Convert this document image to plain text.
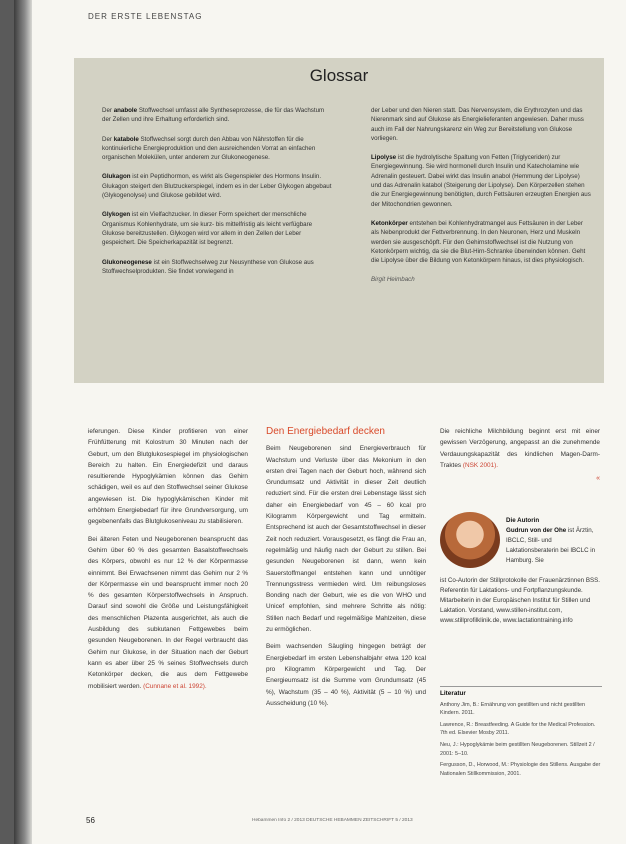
DER ERSTE LEBENSTAG
Glossar

Der anabole Stoffwechsel umfasst alle Syntheseprozesse, die für das Wachstum der Zellen und ihre Erhaltung erforderlich sind.

Der katabole Stoffwechsel sorgt durch den Abbau von Nährstoffen für die kontinuierliche Energieproduktion und den ausreichenden Vorrat an einfachen organischen Molekülen, unter anderem zur Glukoneogenese.

Glukagon ist ein Peptidhormon, es wirkt als Gegenspieler des Hormons Insulin. Glukagon steigert den Blutzuckerspiegel, indem es in der Leber Glykogen abgebaut (Glykogenolyse) und Glukose gebildet wird.

Glykogen ist ein Vielfachzucker. In dieser Form speichert der menschliche Organismus Kohlenhydrate, um sie kurz- bis mittelfristig als leicht verfügbare Glukose bereitzustellen. Glykogen wird vor allem in den Zellen der Leber gespeichert. Die Speicherkapazität ist begrenzt.

Glukoneogenese ist ein Stoffwechselweg zur Neusynthese von Glukose aus Stoffwechselprodukten. Sie findet vorwiegend in

der Leber und den Nieren statt. Das Nervensystem, die Erythrozyten und das Nierenmark sind auf Glukose als Energielieferanten angewiesen. Daher muss auch im Fall der Nahrungskarenz ein Weg zur Bereitstellung von Glukose vorliegen.

Lipolyse ist die hydrolytische Spaltung von Fetten (Triglyceriden) zur Energiegewinnung. Sie wird hormonell durch Insulin und Katecholamine wie Adrenalin gesteuert. Dabei wirkt das Insulin anabol (Hemmung der Lipolyse) und das Adrenalin katabol (Steigerung der Lipolyse). Den Körperzellen stehen die zur Energiegewinnung benötigten, durch Fettsäuren erzeugten Energien aus der Mitochondrien gewonnen.

Ketonkörper entstehen bei Kohlenhydratmangel aus Fettsäuren in der Leber als Nebenprodukt der Fettverbrennung. In den Neuronen, Herz und Muskeln werden sie ausgeschöpft. Für den Gehirnstoffwechsel ist die Nutzung von Ketonkörpern wichtig, da sie die Blut-Hirn-Schranke überwinden können. Geht die Lipolyse über die Bildung von Ketonkörpern hinaus, ist dies physiologisch.

Birgit Heimbach

ieferungen. Diese Kinder profitieren von einer Frühfütterung mit Kolostrum 30 Minuten nach der Geburt, um den Blutglukosespiegel im physiologischen Bereich zu halten. Ein Energiedefizit und daraus resultierende Hypoglykämien können das Gehirn schädigen, weil es auf den Stoffwechsel seiner Glukose angewiesen ist. Die hypoglykämischen Kinder mit erhöhtem Energiebedarf für ihre Grundversorgung, um gegebenenfalls das Blutglukoseniveau zu stabilisieren.

Bei älteren Feten und Neugeborenen beansprucht das Gehirn über 60 % des gesamten Basalstoffwechsels des Körpers, obwohl es nur 12 % der Körpermasse einnimmt. Bei Erwachsenen nimmt das Gehirn nur 2 % der Körpermasse ein und beansprucht immer noch 20 % des gesamten Körperstoffwechsels in Anspruch. Darauf sind sowohl die Größe und Leistungsfähigkeit des menschlichen Plazenta ausgerichtet, als auch die Ausbildung des subkutanen Fettgewebes beim gesunden Neugeborenen. In der Regel verbraucht das Gehirn nur Glukose, in der Situation nach der Geburt kann es aber über 25 % seines Stoffwechsels durch Ketonkörper decken, die aus dem Fettgewebe mobilisiert werden. (Cunnane et al. 1992).

Den Energiebedarf decken

Beim Neugeborenen sind Energieverbrauch für Wachstum und Verluste über das Mekonium in den ersten drei Tagen nach der Geburt hoch, während sich Grundumsatz und Aktivität in dieser Zeit deutlich reduziert sind. Für die ersten drei Lebenstage lässt sich daher ein Energiebedarf von 45 – 60 kcal pro Kilogramm Körpergewicht und Tag ermitteln. Entsprechend ist auch der Gesamtstoffwechsel in dieser Zeit noch reduziert. Vorausgesetzt, es fängt die Frau an, regelmäßig und häufig nach der Geburt zu stillen. Bei gesunden Neugeborenen ist dann, wenn kein Sauerstoffmangel entstehen kann und unnötiger Trennungsstress vermieden wird. Um reibungsloses Bonding nach der Geburt, wie es die von WHO und Unicef empfohlen, sind mehrere Schritte als nötig: Stillen nach Bedarf und regelmäßige Mahlzeiten, diese zu ermöglichen.

Beim wachsenden Säugling hingegen beträgt der Energiebedarf im ersten Lebenshalbjahr etwa 120 kcal pro Kilogramm Körpergewicht und Tag. Der Energieumsatz ist die Summe vom Grundumsatz (45 %), Wachstum (35 – 40 %), Aktivität (5 – 10 %) und Ausscheidung (10 %).

Die reichliche Milchbildung beginnt erst mit einer gewissen Verzögerung, angepasst an die zunehmende Verdauungskapazität des kindlichen Magen-Darm-Traktes (NSK 2001).

«
Die Autorin
Gudrun von der Ohe ist Ärztin, IBCLC, Still- und Laktationsberaterin bei IBCLC in Hamburg. Sie
ist Co-Autorin der Stillprotokolle der Frauenärztinnen BSS. Referentin für Laktations- und Fortpflanzungskunde. Mitarbeiterin in der Europäischen Institut für Stillen und Laktation. Vorstand, www.stillen-institut.com, www.stillprofilklinik.de, www.lactationtraining.info
Literatur

Anthony Jim, B.: Ernährung von gestillten und nicht gestillten Kindern. 2011.

Lawrence, R.: Breastfeeding. A Guide for the Medical Profession. 7th ed. Elsevier Mosby 2011.

Neu, J.: Hypoglykämie beim gestillten Neugeborenen. Stillzeit 2 / 2001: 5–10.

Fergusson, D., Horwood, M.: Physiologie des Stillens. Ausgabe der Nationalen Stillkommission, 2001.

56	Hebammen Info 2 / 2013 DEUTSCHE HEBAMMEN ZEITSCHRIFT 5 / 2013
